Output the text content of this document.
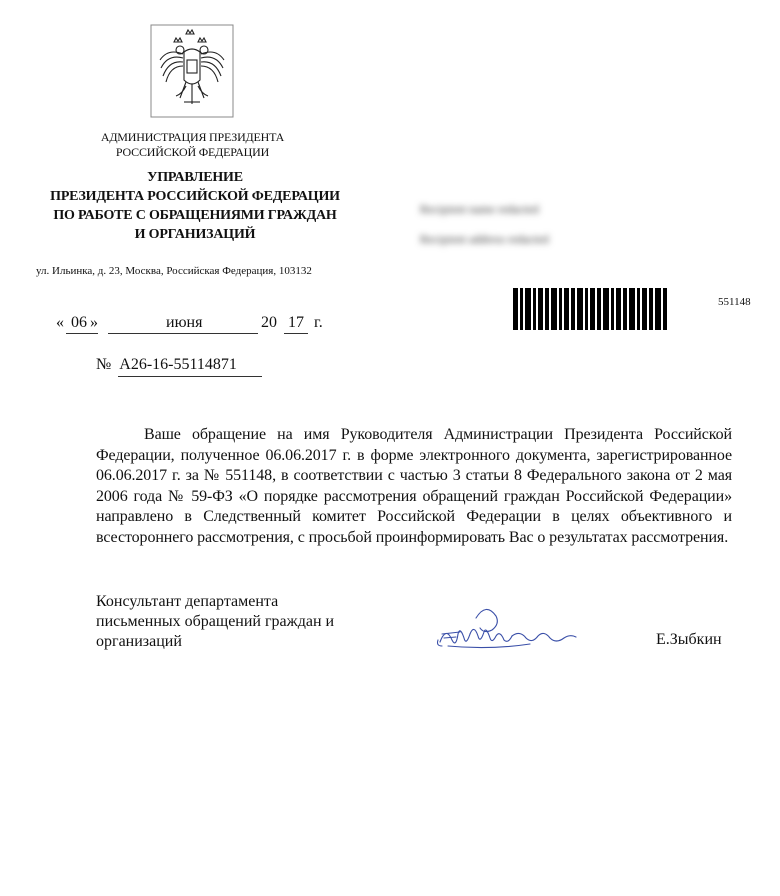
АДМИНИСТРАЦИЯ ПРЕЗИДЕНТА
РОССИЙСКОЙ ФЕДЕРАЦИИ
УПРАВЛЕНИЕ
ПРЕЗИДЕНТА РОССИЙСКОЙ ФЕДЕРАЦИИ
ПО РАБОТЕ С ОБРАЩЕНИЯМИ ГРАЖДАН
И ОРГАНИЗАЦИЙ
ул. Ильинка, д. 23, Москва, Российская Федерация, 103132
Recipient name redacted
Recipient address redacted
551148
« 06 »	июня	20 17 г.
№ А26-16-55114871
Ваше обращение на имя Руководителя Администрации Президента Российской Федерации, полученное 06.06.2017 г. в форме электронного документа, зарегистрированное 06.06.2017 г. за № 551148, в соответствии с частью 3 статьи 8 Федерального закона от 2 мая 2006 года № 59-ФЗ «О порядке рассмотрения обращений граждан Российской Федерации» направлено в Следственный комитет Российской Федерации в целях объективного и всестороннего рассмотрения, с просьбой проинформировать Вас о результатах рассмотрения.
Консультант департамента
письменных обращений граждан и
организаций	Е.Зыбкин
